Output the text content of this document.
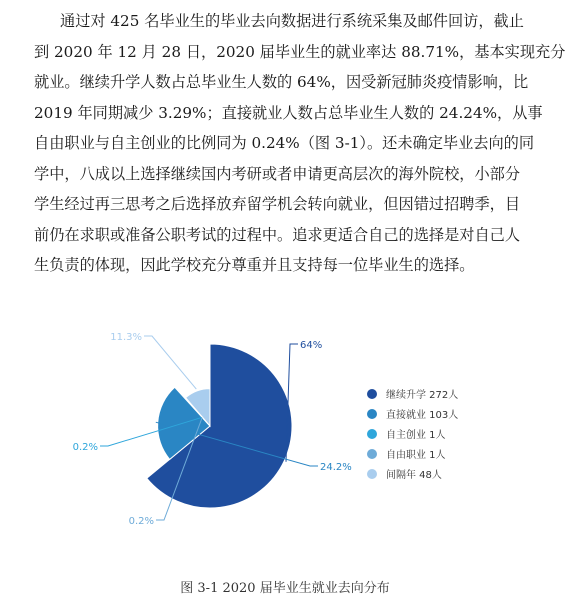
通过对 425 名毕业生的毕业去向数据进行系统采集及邮件回访，截止
到 2020 年 12 月 28 日，2020 届毕业生的就业率达 88.71%，基本实现充分
就业。继续升学人数占总毕业生人数的 64%，因受新冠肺炎疫情影响，比
2019 年同期减少 3.29%；直接就业人数占总毕业生人数的 24.24%，从事
自由职业与自主创业的比例同为 0.24%（图 3-1）。还未确定毕业去向的同
学中，八成以上选择继续国内考研或者申请更高层次的海外院校，小部分
学生经过再三思考之后选择放弃留学机会转向就业，但因错过招聘季，目
前仍在求职或准备公职考试的过程中。追求更适合自己的选择是对自己人
生负责的体现，因此学校充分尊重并且支持每一位毕业生的选择。
64%
24.2%
0.2%
0.2%
11.3%
继续升学 272人
直接就业 103人
自主创业 1人
自由职业 1人
间隔年 48人
图 3-1 2020 届毕业生就业去向分布
